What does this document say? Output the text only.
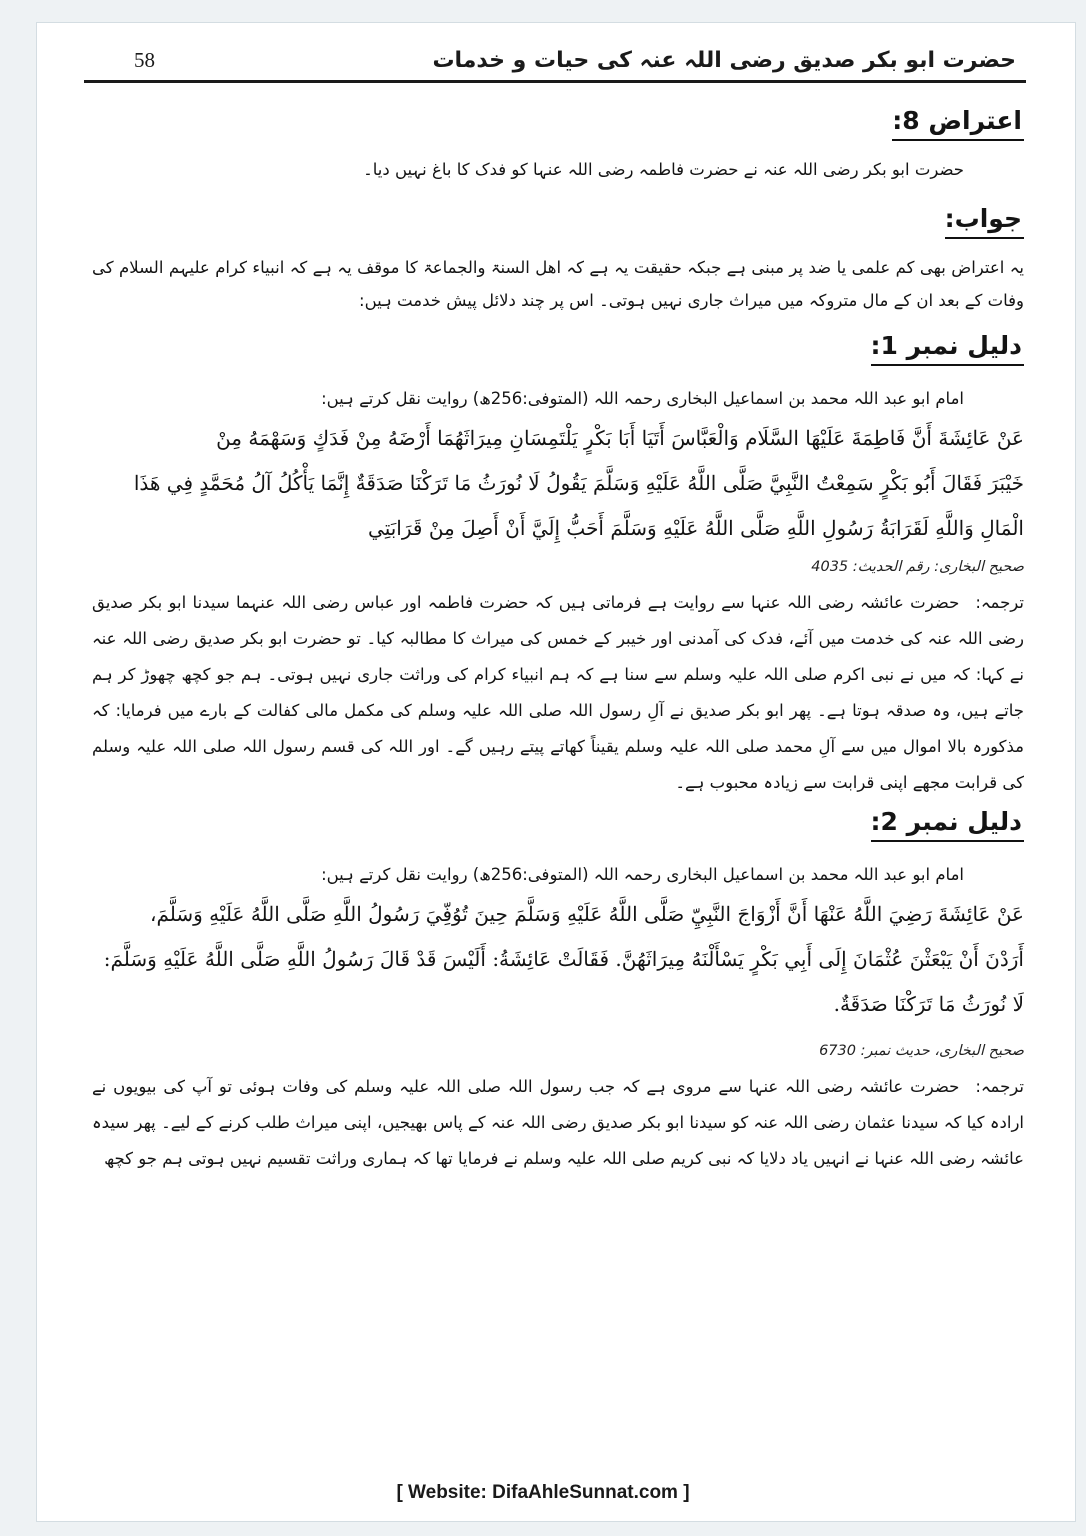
حضرت ابو بکر صدیق رضی اللہ عنہ کی حیات و خدمات
58
اعتراض 8:

حضرت ابو بکر رضی اللہ عنہ نے حضرت فاطمہ رضی اللہ عنہا کو فدک کا باغ نہیں دیا۔

جواب:

یہ اعتراض بھی کم علمی یا ضد پر مبنی ہے جبکہ حقیقت یہ ہے کہ اھل السنۃ والجماعۃ کا موقف یہ ہے کہ انبیاء کرام علیہم السلام کی وفات کے بعد ان کے مال متروکہ میں میراث جاری نہیں ہوتی۔ اس پر چند دلائل پیش خدمت ہیں:

دلیل نمبر 1:

امام ابو عبد اللہ محمد بن اسماعیل البخاری رحمہ اللہ (المتوفی:256ھ) روایت نقل کرتے ہیں:

عَنْ عَائِشَةَ أَنَّ فَاطِمَةَ عَلَيْهَا السَّلَام وَالْعَبَّاسَ أَتَيَا أَبَا بَكْرٍ يَلْتَمِسَانِ مِيرَاثَهُمَا أَرْضَهُ مِنْ فَدَكٍ وَسَهْمَهُ مِنْ
خَيْبَرَ فَقَالَ أَبُو بَكْرٍ سَمِعْتُ النَّبِيَّ صَلَّى اللَّهُ عَلَيْهِ وَسَلَّمَ يَقُولُ لَا نُورَثُ مَا تَرَكْنَا صَدَقَةٌ إِنَّمَا يَأْكُلُ آلُ مُحَمَّدٍ فِي هَذَا
الْمَالِ وَاللَّهِ لَقَرَابَةُ رَسُولِ اللَّهِ صَلَّى اللَّهُ عَلَيْهِ وَسَلَّمَ أَحَبُّ إِلَيَّ أَنْ أَصِلَ مِنْ قَرَابَتِي
صحیح البخاری: رقم الحدیث: 4035

ترجمہ:حضرت عائشہ رضی اللہ عنہا سے روایت ہے فرماتی ہیں کہ حضرت فاطمہ اور عباس رضی اللہ عنہما سیدنا ابو بکر صدیق رضی اللہ عنہ کی خدمت میں آئے، فدک کی آمدنی اور خیبر کے خمس کی میراث کا مطالبہ کیا۔ تو حضرت ابو بکر صدیق رضی اللہ عنہ نے کہا: کہ میں نے نبی اکرم صلی اللہ علیہ وسلم سے سنا ہے کہ ہم انبیاء کرام کی وراثت جاری نہیں ہوتی۔ ہم جو کچھ چھوڑ کر ہم جاتے ہیں، وہ صدقہ ہوتا ہے۔ پھر ابو بکر صدیق نے آلِ رسول اللہ صلی اللہ علیہ وسلم کی مکمل مالی کفالت کے بارے میں فرمایا: کہ مذکورہ بالا اموال میں سے آلِ محمد صلی اللہ علیہ وسلم یقیناً کھاتے پیتے رہیں گے۔ اور اللہ کی قسم رسول اللہ صلی اللہ علیہ وسلم کی قرابت مجھے اپنی قرابت سے زیادہ محبوب ہے۔

دلیل نمبر 2:

امام ابو عبد اللہ محمد بن اسماعیل البخاری رحمہ اللہ (المتوفی:256ھ) روایت نقل کرتے ہیں:

عَنْ عَائِشَةَ رَضِيَ اللَّهُ عَنْهَا أَنَّ أَزْوَاجَ النَّبِيِّ صَلَّى اللَّهُ عَلَيْهِ وَسَلَّمَ حِينَ تُوُفِّيَ رَسُولُ اللَّهِ صَلَّى اللَّهُ عَلَيْهِ وَسَلَّمَ،
أَرَدْنَ أَنْ يَبْعَثْنَ عُثْمَانَ إِلَى أَبِي بَكْرٍ يَسْأَلْنَهُ مِيرَاثَهُنَّ. فَقَالَتْ عَائِشَةُ: أَلَيْسَ قَدْ قَالَ رَسُولُ اللَّهِ صَلَّى اللَّهُ عَلَيْهِ وَسَلَّمَ:
لَا نُورَثُ مَا تَرَكْنَا صَدَقَةٌ.
صحیح البخاری، حدیث نمبر: 6730

ترجمہ:حضرت عائشہ رضی اللہ عنہا سے مروی ہے کہ جب رسول اللہ صلی اللہ علیہ وسلم کی وفات ہوئی تو آپ کی بیویوں نے ارادہ کیا کہ سیدنا عثمان رضی اللہ عنہ کو سیدنا ابو بکر صدیق رضی اللہ عنہ کے پاس بھیجیں، اپنی میراث طلب کرنے کے لیے۔ پھر سیدہ عائشہ رضی اللہ عنہا نے انہیں یاد دلایا کہ نبی کریم صلی اللہ علیہ وسلم نے فرمایا تھا کہ ہماری وراثت تقسیم نہیں ہوتی ہم جو کچھ

[ Website: DifaAhleSunnat.com ]
